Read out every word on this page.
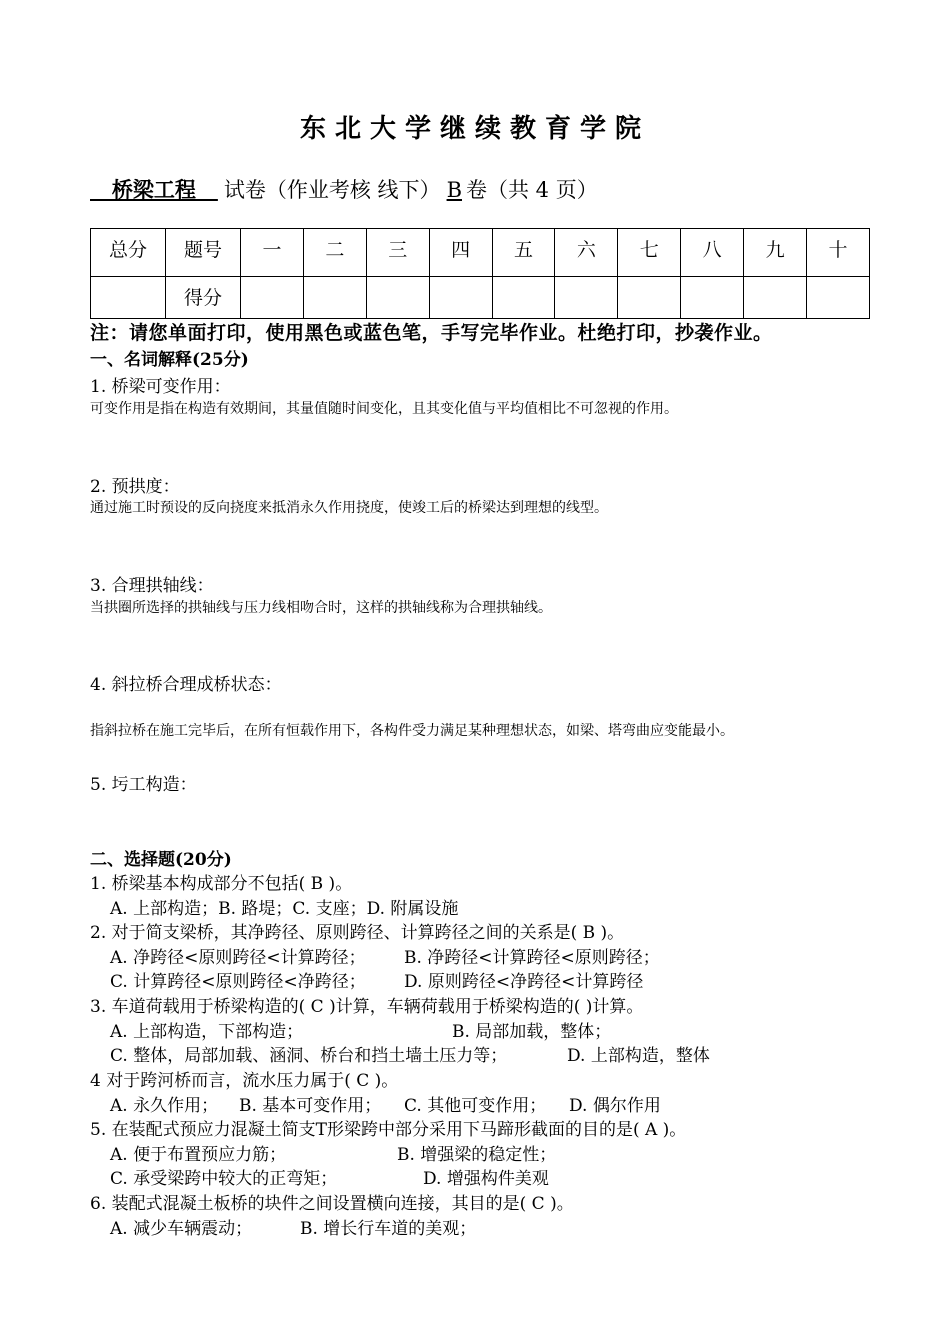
东北大学继续教育学院
桥梁工程   试卷（作业考核 线下） B 卷（共 4 页）
总分	题号	一	二	三	四	五	六	七	八	九	十
	得分										
注：请您单面打印，使用黑色或蓝色笔，手写完毕作业。杜绝打印，抄袭作业。
一、名词解释(25分)
1. 桥梁可变作用：
可变作用是指在构造有效期间，其量值随时间变化，且其变化值与平均值相比不可忽视的作用。
2. 预拱度：
通过施工时预设的反向挠度来抵消永久作用挠度，使竣工后的桥梁达到理想的线型。
3. 合理拱轴线：
当拱圈所选择的拱轴线与压力线相吻合时，这样的拱轴线称为合理拱轴线。
4. 斜拉桥合理成桥状态：
指斜拉桥在施工完毕后，在所有恒载作用下，各构件受力满足某种理想状态，如梁、塔弯曲应变能最小。
5. 圬工构造：
二、选择题(20分)
1. 桥梁基本构成部分不包括( B )。
A. 上部构造；B. 路堤；C. 支座；D. 附属设施
2. 对于简支梁桥，其净跨径、原则跨径、计算跨径之间的关系是( B )。
A. 净跨径<原则跨径<计算跨径； B. 净跨径<计算跨径<原则跨径；
C. 计算跨径<原则跨径<净跨径； D. 原则跨径<净跨径<计算跨径
3. 车道荷载用于桥梁构造的( C )计算，车辆荷载用于桥梁构造的( )计算。
A. 上部构造，下部构造；	B. 局部加载，整体；
C. 整体，局部加载、涵洞、桥台和挡土墙土压力等；	D. 上部构造，整体
4 对于跨河桥而言，流水压力属于( C )。
A. 永久作用； B. 基本可变作用； C. 其他可变作用； D. 偶尔作用
5. 在装配式预应力混凝土简支T形梁跨中部分采用下马蹄形截面的目的是( A )。
A. 便于布置预应力筋；	B. 增强梁的稳定性；
C. 承受梁跨中较大的正弯矩；	D. 增强构件美观
6. 装配式混凝土板桥的块件之间设置横向连接，其目的是( C )。
A. 减少车辆震动；	B. 增长行车道的美观；
